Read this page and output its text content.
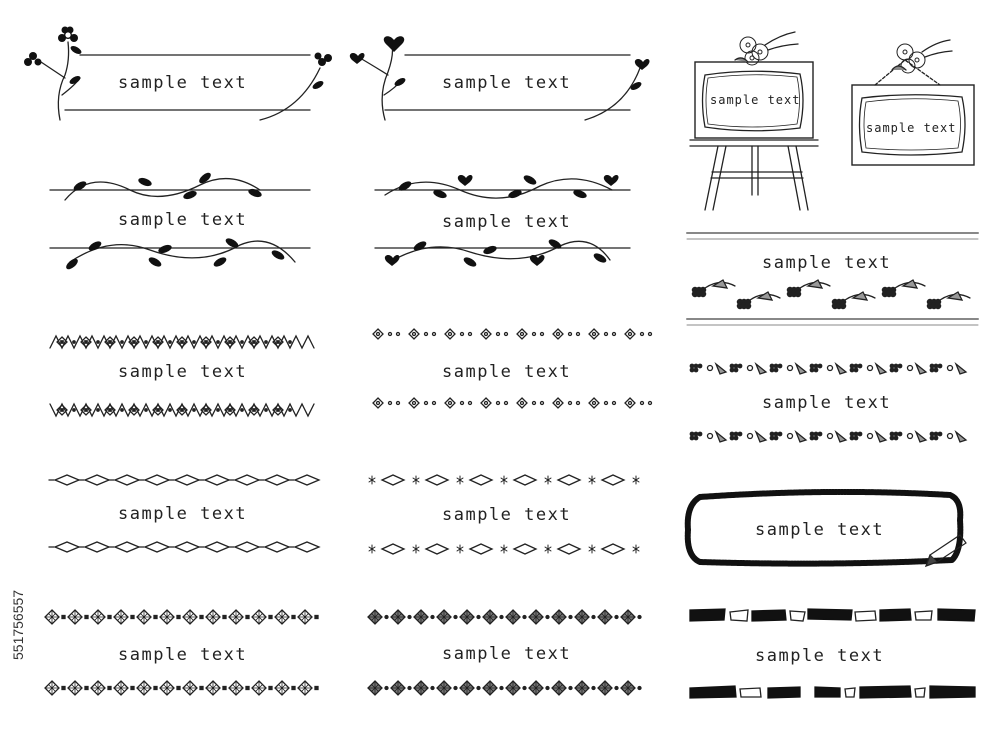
sample text	sample text
sample text
sample text
sample text	sample text
sample text
sample text	sample text
sample text
sample text	sample text
sample text
sample text	sample text	sample text
551756557
